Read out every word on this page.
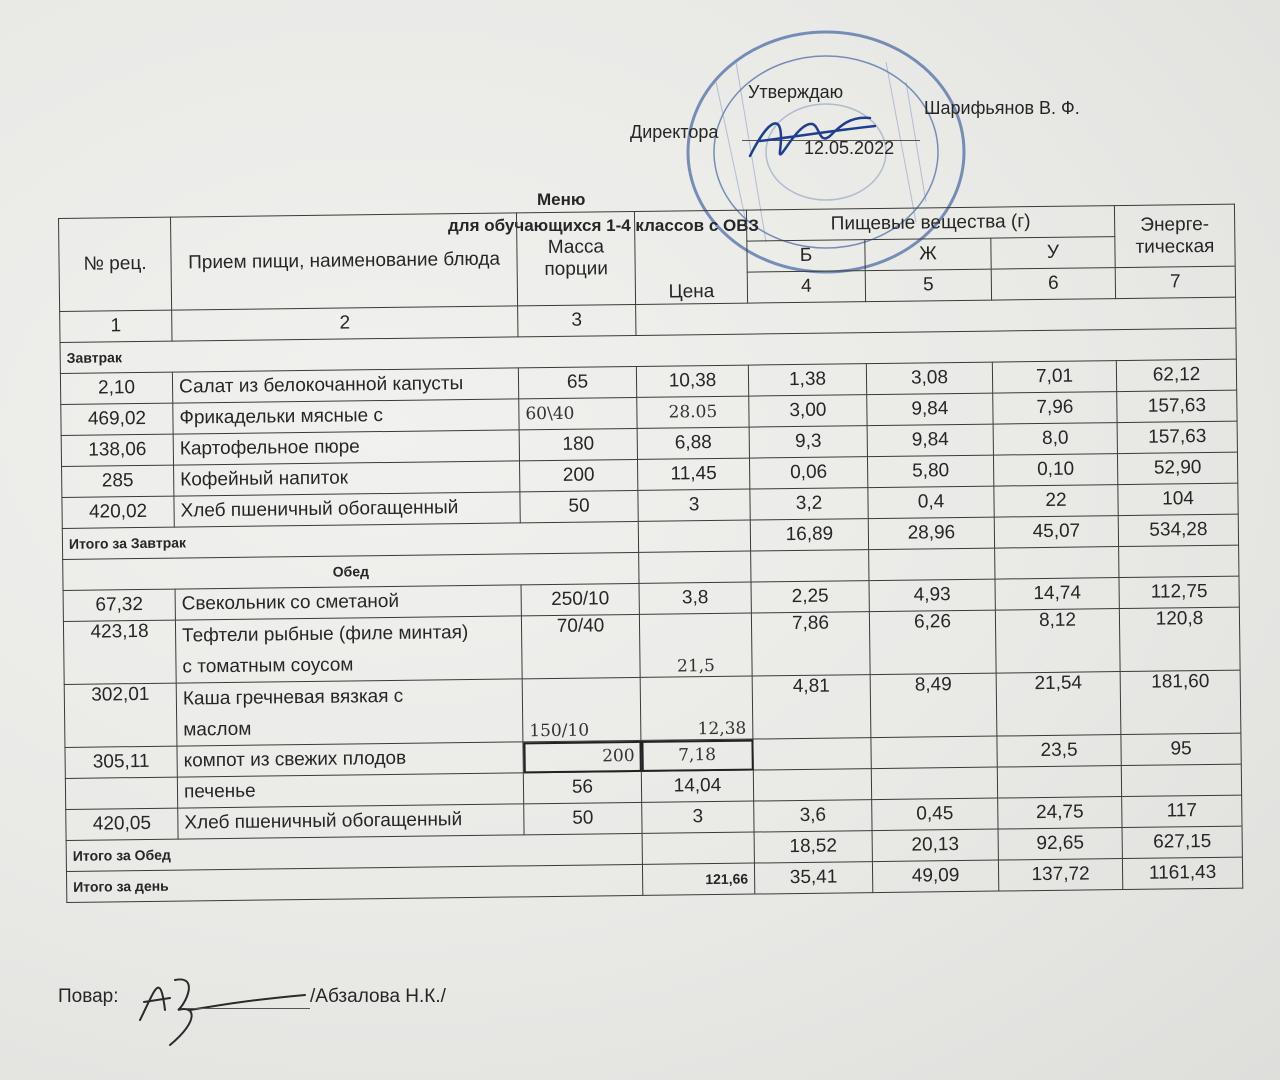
Утверждаю
Шарифьянов В. Ф.
Директора
12.05.2022
Меню
для обучающихся 1-4 классов с ОВЗ
№ рец.	Прием пищи, наименование блюда	Масса порции	Цена	Пищевые вещества (г)			Энерге-тическая
				Б	Ж	У	
				4	5	6	7
1	2	3					
Завтрак							
2,10	Салат из белокочанной капусты	65	10,38	1,38	3,08	7,01	62,12
469,02	Фрикадельки мясные с	60\40	28.05	3,00	9,84	7,96	157,63
138,06	Картофельное пюре	180	6,88	9,3	9,84	8,0	157,63
285	Кофейный напиток	200	11,45	0,06	5,80	0,10	52,90
420,02	Хлеб пшеничный обогащенный	50	3	3,2	0,4	22	104
Итого за Завтрак				16,89	28,96	45,07	534,28
Обед							
67,32	Свекольник со сметаной	250/10	3,8	2,25	4,93	14,74	112,75
423,18	Тефтели рыбные (филе минтая)
с томатным соусом	70/40	21,5	7,86	6,26	8,12	120,8
302,01	Каша гречневая вязкая с
маслом	150/10	12,38	4,81	8,49	21,54	181,60
305,11	компот из свежих плодов	200	7,18			23,5	95
	печенье	56	14,04				
420,05	Хлеб пшеничный обогащенный	50	3	3,6	0,45	24,75	117
Итого за Обед				18,52	20,13	92,65	627,15
Итого за день			121,66	35,41	49,09	137,72	1161,43
Повар:	/Абзалова Н.К./
